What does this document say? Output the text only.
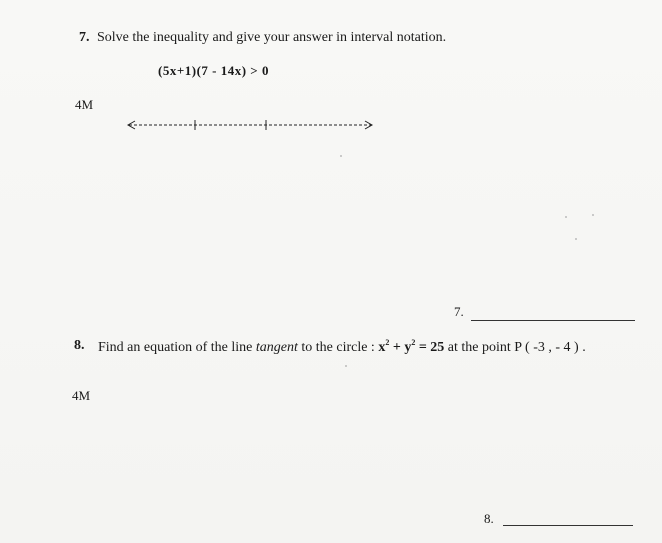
7. Solve the inequality and give your answer in interval notation.
(5x+1)(7 - 14x) > 0
4M
7.
8. Find an equation of the line tangent to the circle : $x^2 + y^2 = 25$ at the point P ( -3 , - 4 ) .
4M
8.
